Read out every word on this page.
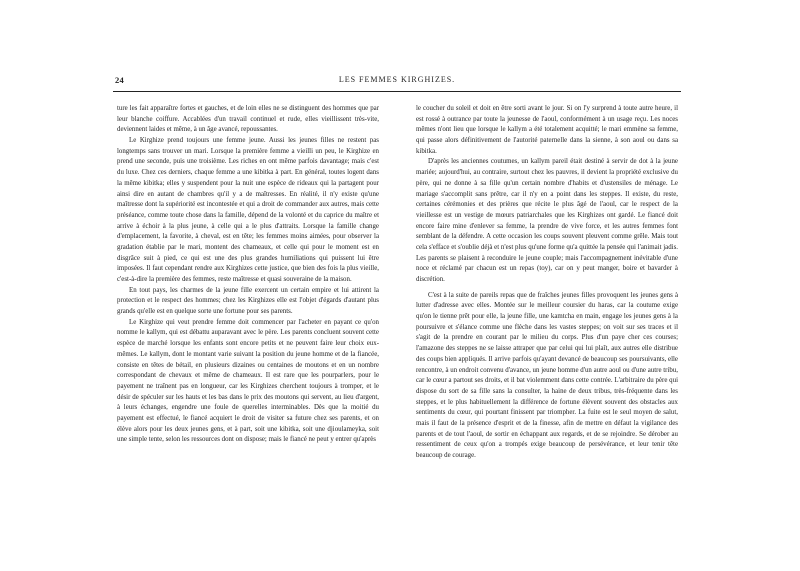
24	LES FEMMES KIRGHIZES.

ture les fait apparaître fortes et gauches, et de loin elles ne se distinguent des hommes que par leur blanche coiffure. Accablées d'un travail continuel et rude, elles vieillissent très-vite, deviennent laides et même, à un âge avancé, repoussantes.

Le Kirghize prend toujours une femme jeune. Aussi les jeunes filles ne restent pas longtemps sans trouver un mari. Lorsque la première femme a vieilli un peu, le Kirghize en prend une seconde, puis une troisième. Les riches en ont même parfois davantage; mais c'est du luxe. Chez ces derniers, chaque femme a une kibitka à part. En général, toutes logent dans la même kibitka; elles y suspendent pour la nuit une espèce de rideaux qui la partagent pour ainsi dire en autant de chambres qu'il y a de maîtresses. En réalité, il n'y existe qu'une maîtresse dont la supériorité est incontestée et qui a droit de commander aux autres, mais cette préséance, comme toute chose dans la famille, dépend de la volonté et du caprice du maître et arrive à échoir à la plus jeune, à celle qui a le plus d'attraits. Lorsque la famille change d'emplacement, la favorite, à cheval, est en tête; les femmes moins aimées, pour observer la gradation établie par le mari, montent des chameaux, et celle qui pour le moment est en disgrâce suit à pied, ce qui est une des plus grandes humiliations qui puissent lui être imposées. Il faut cependant rendre aux Kirghizes cette justice, que bien des fois la plus vieille, c'est-à-dire la première des femmes, reste maîtresse et quasi souveraine de la maison.

En tout pays, les charmes de la jeune fille exercent un certain empire et lui attirent la protection et le respect des hommes; chez les Kirghizes elle est l'objet d'égards d'autant plus grands qu'elle est en quelque sorte une fortune pour ses parents.

Le Kirghize qui veut prendre femme doit commencer par l'acheter en payant ce qu'on nomme le kallym, qui est débattu auparavant avec le père. Les parents concluent souvent cette espèce de marché lorsque les enfants sont encore petits et ne peuvent faire leur choix eux-mêmes. Le kallym, dont le montant varie suivant la position du jeune homme et de la fiancée, consiste en têtes de bétail, en plusieurs dizaines ou centaines de moutons et en un nombre correspondant de chevaux et même de chameaux. Il est rare que les pourparlers, pour le payement ne traînent pas en longueur, car les Kirghizes cherchent toujours à tromper, et le désir de spéculer sur les hauts et les bas dans le prix des moutons qui servent, au lieu d'argent, à leurs échanges, engendre une foule de querelles interminables. Dès que la moitié du payement est effectué, le fiancé acquiert le droit de visiter sa future chez ses parents, et on élève alors pour les deux jeunes gens, et à part, soit une kibitka, soit une djioulameyka, soit une simple tente, selon les ressources dont on dispose; mais le fiancé ne peut y entrer qu'après

le coucher du soleil et doit en être sorti avant le jour. Si on l'y surprend à toute autre heure, il est rossé à outrance par toute la jeunesse de l'aoul, conformément à un usage reçu. Les noces mêmes n'ont lieu que lorsque le kallym a été totalement acquitté; le mari emmène sa femme, qui passe alors définitivement de l'autorité paternelle dans la sienne, à son aoul ou dans sa kibitka.

D'après les anciennes coutumes, un kallym pareil était destiné à servir de dot à la jeune mariée; aujourd'hui, au contraire, surtout chez les pauvres, il devient la propriété exclusive du père, qui ne donne à sa fille qu'un certain nombre d'habits et d'ustensiles de ménage. Le mariage s'accomplit sans prêtre, car il n'y en a point dans les steppes. Il existe, du reste, certaines cérémonies et des prières que récite le plus âgé de l'aoul, car le respect de la vieillesse est un vestige de mœurs patriarchales que les Kirghizes ont gardé. Le fiancé doit encore faire mine d'enlever sa femme, la prendre de vive force, et les autres femmes font semblant de la défendre. A cette occasion les coups souvent pleuvent comme grêle. Mais tout cela s'efface et s'oublie déjà et n'est plus qu'une forme qu'a quittée la pensée qui l'animait jadis. Les parents se plaisent à reconduire le jeune couple; mais l'accompagnement inévitable d'une noce et réclamé par chacun est un repas (toy), car on y peut manger, boire et bavarder à discrétion.

C'est à la suite de pareils repas que de fraîches jeunes filles provoquent les jeunes gens à lutter d'adresse avec elles. Montée sur le meilleur coursier du haras, car la coutume exige qu'on le tienne prêt pour elle, la jeune fille, une kamtcha en main, engage les jeunes gens à la poursuivre et s'élance comme une flèche dans les vastes steppes; on voit sur ses traces et il s'agit de la prendre en courant par le milieu du corps. Plus d'un paye cher ces courses; l'amazone des steppes ne se laisse attraper que par celui qui lui plaît, aux autres elle distribue des coups bien appliqués. Il arrive parfois qu'ayant devancé de beaucoup ses poursuivants, elle rencontre, à un endroit convenu d'avance, un jeune homme d'un autre aoul ou d'une autre tribu, car le cœur a partout ses droits, et il bat violemment dans cette contrée. L'arbitraire du père qui dispose du sort de sa fille sans la consulter, la haine de deux tribus, très-fréquente dans les steppes, et le plus habituellement la différence de fortune élèvent souvent des obstacles aux sentiments du cœur, qui pourtant finissent par triompher. La fuite est le seul moyen de salut, mais il faut de la présence d'esprit et de la finesse, afin de mettre en défaut la vigilance des parents et de tout l'aoul, de sortir en échappant aux regards, et de se rejoindre. Se dérober au ressentiment de ceux qu'on a trompés exige beaucoup de persévérance, et leur tenir tête beaucoup de courage.
